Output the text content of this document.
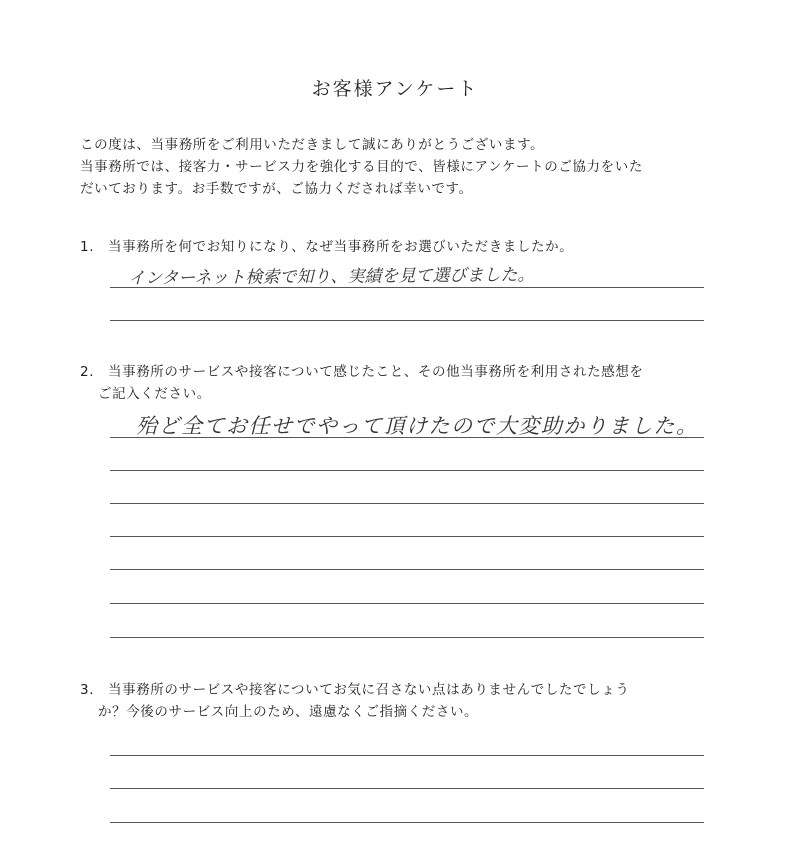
お客様アンケート

この度は、当事務所をご利用いただきまして誠にありがとうございます。

当事務所では、接客力・サービス力を強化する目的で、皆様にアンケートのご協力をいた

だいております。お手数ですが、ご協力くだされば幸いです。

1. 当事務所を何でお知りになり、なぜ当事務所をお選びいただきましたか。
インターネット検索で知り、実績を見て選びました。
2. 当事務所のサービスや接客について感じたこと、その他当事務所を利用された感想を
ご記入ください。
殆ど全てお任せでやって頂けたので大変助かりました。
3. 当事務所のサービスや接客についてお気に召さない点はありませんでしたでしょう
か？今後のサービス向上のため、遠慮なくご指摘ください。
